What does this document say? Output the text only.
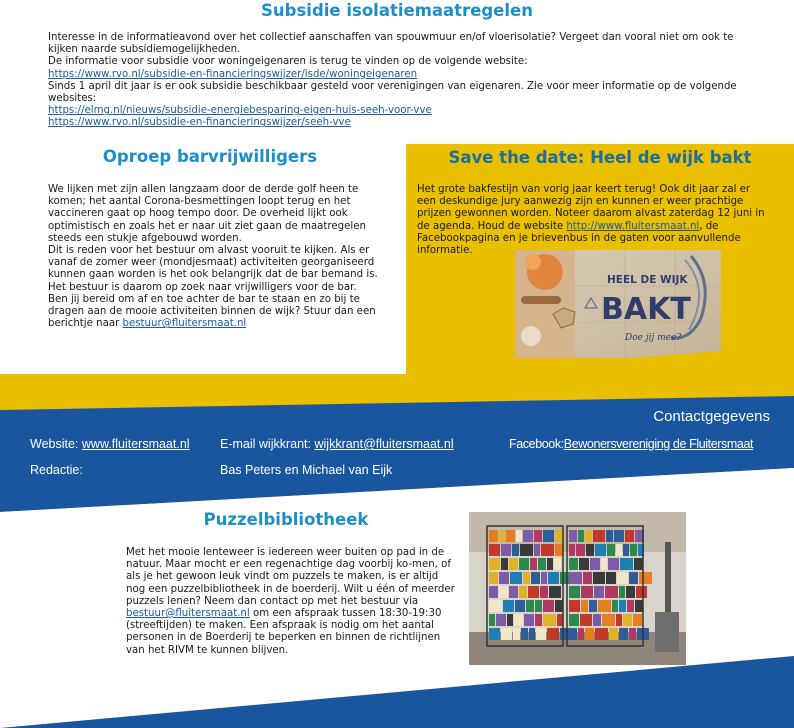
Subsidie isolatiemaatregelen

Interesse in de informatieavond over het collectief aanschaffen van spouwmuur en/of vloerisolatie? Vergeet dan vooral niet om ook te kijken naarde subsidiemogelijkheden.

De informatie voor subsidie voor woningeigenaren is terug te vinden op de volgende website:

https://www.rvo.nl/subsidie-en-financieringswijzer/isde/woningeigenaren

Sinds 1 april dit jaar is er ook subsidie beschikbaar gesteld voor verenigingen van eigenaren. Zie voor meer informatie op de volgende websites:

https://elmg.nl/nieuws/subsidie-energiebesparing-eigen-huis-seeh-voor-vve

https://www.rvo.nl/subsidie-en-financieringswijzer/seeh-vve

Oproep barvrijwilligers

We lijken met zijn allen langzaam door de derde golf heen te komen; het aantal Corona-besmettingen loopt terug en het vaccineren gaat op hoog tempo door. De overheid lijkt ook optimistisch en zoals het er naar uit ziet gaan de maatregelen steeds een stukje afgebouwd worden.

Dit is reden voor het bestuur om alvast vooruit te kijken. Als er vanaf de zomer weer (mondjesmaat) activiteiten georganiseerd kunnen gaan worden is het ook belangrijk dat de bar bemand is. Het bestuur is daarom op zoek naar vrijwilligers voor de bar.

Ben jij bereid om af en toe achter de bar te staan en zo bij te dragen aan de mooie activiteiten binnen de wijk? Stuur dan een berichtje naar bestuur@fluitersmaat.nl

Save the date: Heel de wijk bakt

Het grote bakfestijn van vorig jaar keert terug! Ook dit jaar zal er een deskundige jury aanwezig zijn en kunnen er weer prachtige prijzen gewonnen worden. Noteer daarom alvast zaterdag 12 juni in de agenda. Houd de website http://www.fluitersmaat.nl, de Facebookpagina en je brievenbus in de gaten voor aanvullende informatie.

HEEL DE WIJK
BAKT
Doe jij mee?
Contactgegevens
Website: www.fluitersmaat.nl E-mail wijkkrant: wijkkrant@fluitersmaat.nl	Facebook:Bewonersvereniging de Fluitersmaat
Redactie:	Bas Peters en Michael van Eijk
Puzzelbibliotheek

Met het mooie lenteweer is iedereen weer buiten op pad in de natuur. Maar mocht er een regenachtige dag voorbij ko-men, of als je het gewoon leuk vindt om puzzels te maken, is er altijd nog een puzzelbibliotheek in de boerderij. Wilt u één of meerder puzzels lenen? Neem dan contact op met het bestuur via bestuur@fluitersmaat.nl om een afspraak tussen 18:30-19:30 (streeftijden) te maken. Een afspraak is nodig om het aantal personen in de Boerderij te beperken en binnen de richtlijnen van het RIVM te kunnen blijven.
